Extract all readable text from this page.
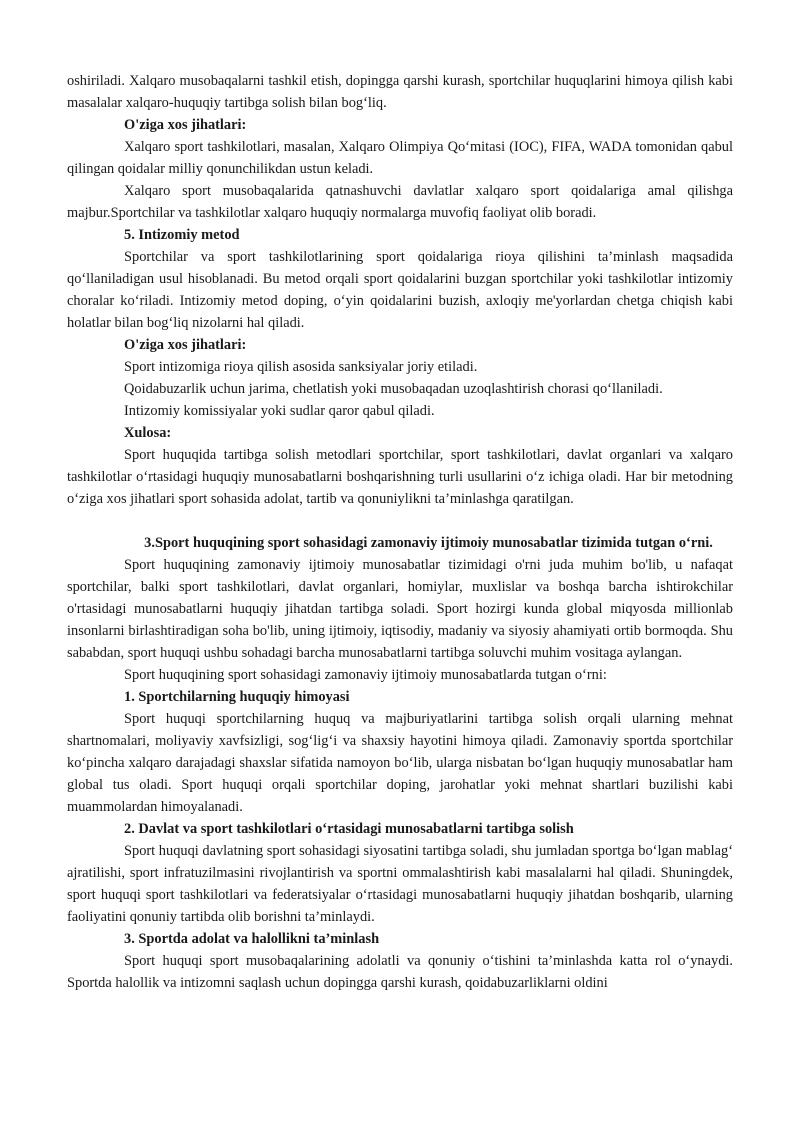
oshiriladi. Xalqaro musobaqalarni tashkil etish, dopingga qarshi kurash, sportchilar huquqlarini himoya qilish kabi masalalar xalqaro-huquqiy tartibga solish bilan bog‘liq.

O'ziga xos jihatlari:

Xalqaro sport tashkilotlari, masalan, Xalqaro Olimpiya Qo‘mitasi (IOC), FIFA, WADA tomonidan qabul qilingan qoidalar milliy qonunchilikdan ustun keladi.

Xalqaro sport musobaqalarida qatnashuvchi davlatlar xalqaro sport qoidalariga amal qilishga majbur.Sportchilar va tashkilotlar xalqaro huquqiy normalarga muvofiq faoliyat olib boradi.

5. Intizomiy metod

Sportchilar va sport tashkilotlarining sport qoidalariga rioya qilishini ta’minlash maqsadida qo‘llaniladigan usul hisoblanadi. Bu metod orqali sport qoidalarini buzgan sportchilar yoki tashkilotlar intizomiy choralar ko‘riladi. Intizomiy metod doping, o‘yin qoidalarini buzish, axloqiy me'yorlardan chetga chiqish kabi holatlar bilan bog‘liq nizolarni hal qiladi.

O'ziga xos jihatlari:

Sport intizomiga rioya qilish asosida sanksiyalar joriy etiladi.

Qoidabuzarlik uchun jarima, chetlatish yoki musobaqadan uzoqlashtirish chorasi qo‘llaniladi.

Intizomiy komissiyalar yoki sudlar qaror qabul qiladi.

Xulosa:

Sport huquqida tartibga solish metodlari sportchilar, sport tashkilotlari, davlat organlari va xalqaro tashkilotlar o‘rtasidagi huquqiy munosabatlarni boshqarishning turli usullarini o‘z ichiga oladi. Har bir metodning o‘ziga xos jihatlari sport sohasida adolat, tartib va qonuniylikni ta’minlashga qaratilgan.

3.Sport huquqining sport sohasidagi zamonaviy ijtimoiy munosabatlar tizimida tutgan o‘rni.

Sport huquqining zamonaviy ijtimoiy munosabatlar tizimidagi o'rni juda muhim bo'lib, u nafaqat sportchilar, balki sport tashkilotlari, davlat organlari, homiylar, muxlislar va boshqa barcha ishtirokchilar o'rtasidagi munosabatlarni huquqiy jihatdan tartibga soladi. Sport hozirgi kunda global miqyosda millionlab insonlarni birlashtiradigan soha bo'lib, uning ijtimoiy, iqtisodiy, madaniy va siyosiy ahamiyati ortib bormoqda. Shu sababdan, sport huquqi ushbu sohadagi barcha munosabatlarni tartibga soluvchi muhim vositaga aylangan.

Sport huquqining sport sohasidagi zamonaviy ijtimoiy munosabatlarda tutgan o‘rni:

1. Sportchilarning huquqiy himoyasi

Sport huquqi sportchilarning huquq va majburiyatlarini tartibga solish orqali ularning mehnat shartnomalari, moliyaviy xavfsizligi, sog‘lig‘i va shaxsiy hayotini himoya qiladi. Zamonaviy sportda sportchilar ko‘pincha xalqaro darajadagi shaxslar sifatida namoyon bo‘lib, ularga nisbatan bo‘lgan huquqiy munosabatlar ham global tus oladi. Sport huquqi orqali sportchilar doping, jarohatlar yoki mehnat shartlari buzilishi kabi muammolardan himoyalanadi.

2. Davlat va sport tashkilotlari o‘rtasidagi munosabatlarni tartibga solish

Sport huquqi davlatning sport sohasidagi siyosatini tartibga soladi, shu jumladan sportga bo‘lgan mablag‘ ajratilishi, sport infratuzilmasini rivojlantirish va sportni ommalashtirish kabi masalalarni hal qiladi. Shuningdek, sport huquqi sport tashkilotlari va federatsiyalar o‘rtasidagi munosabatlarni huquqiy jihatdan boshqarib, ularning faoliyatini qonuniy tartibda olib borishni ta’minlaydi.

3. Sportda adolat va halollikni ta’minlash

Sport huquqi sport musobaqalarining adolatli va qonuniy o‘tishini ta’minlashda katta rol o‘ynaydi. Sportda halollik va intizomni saqlash uchun dopingga qarshi kurash, qoidabuzarliklarni oldini
